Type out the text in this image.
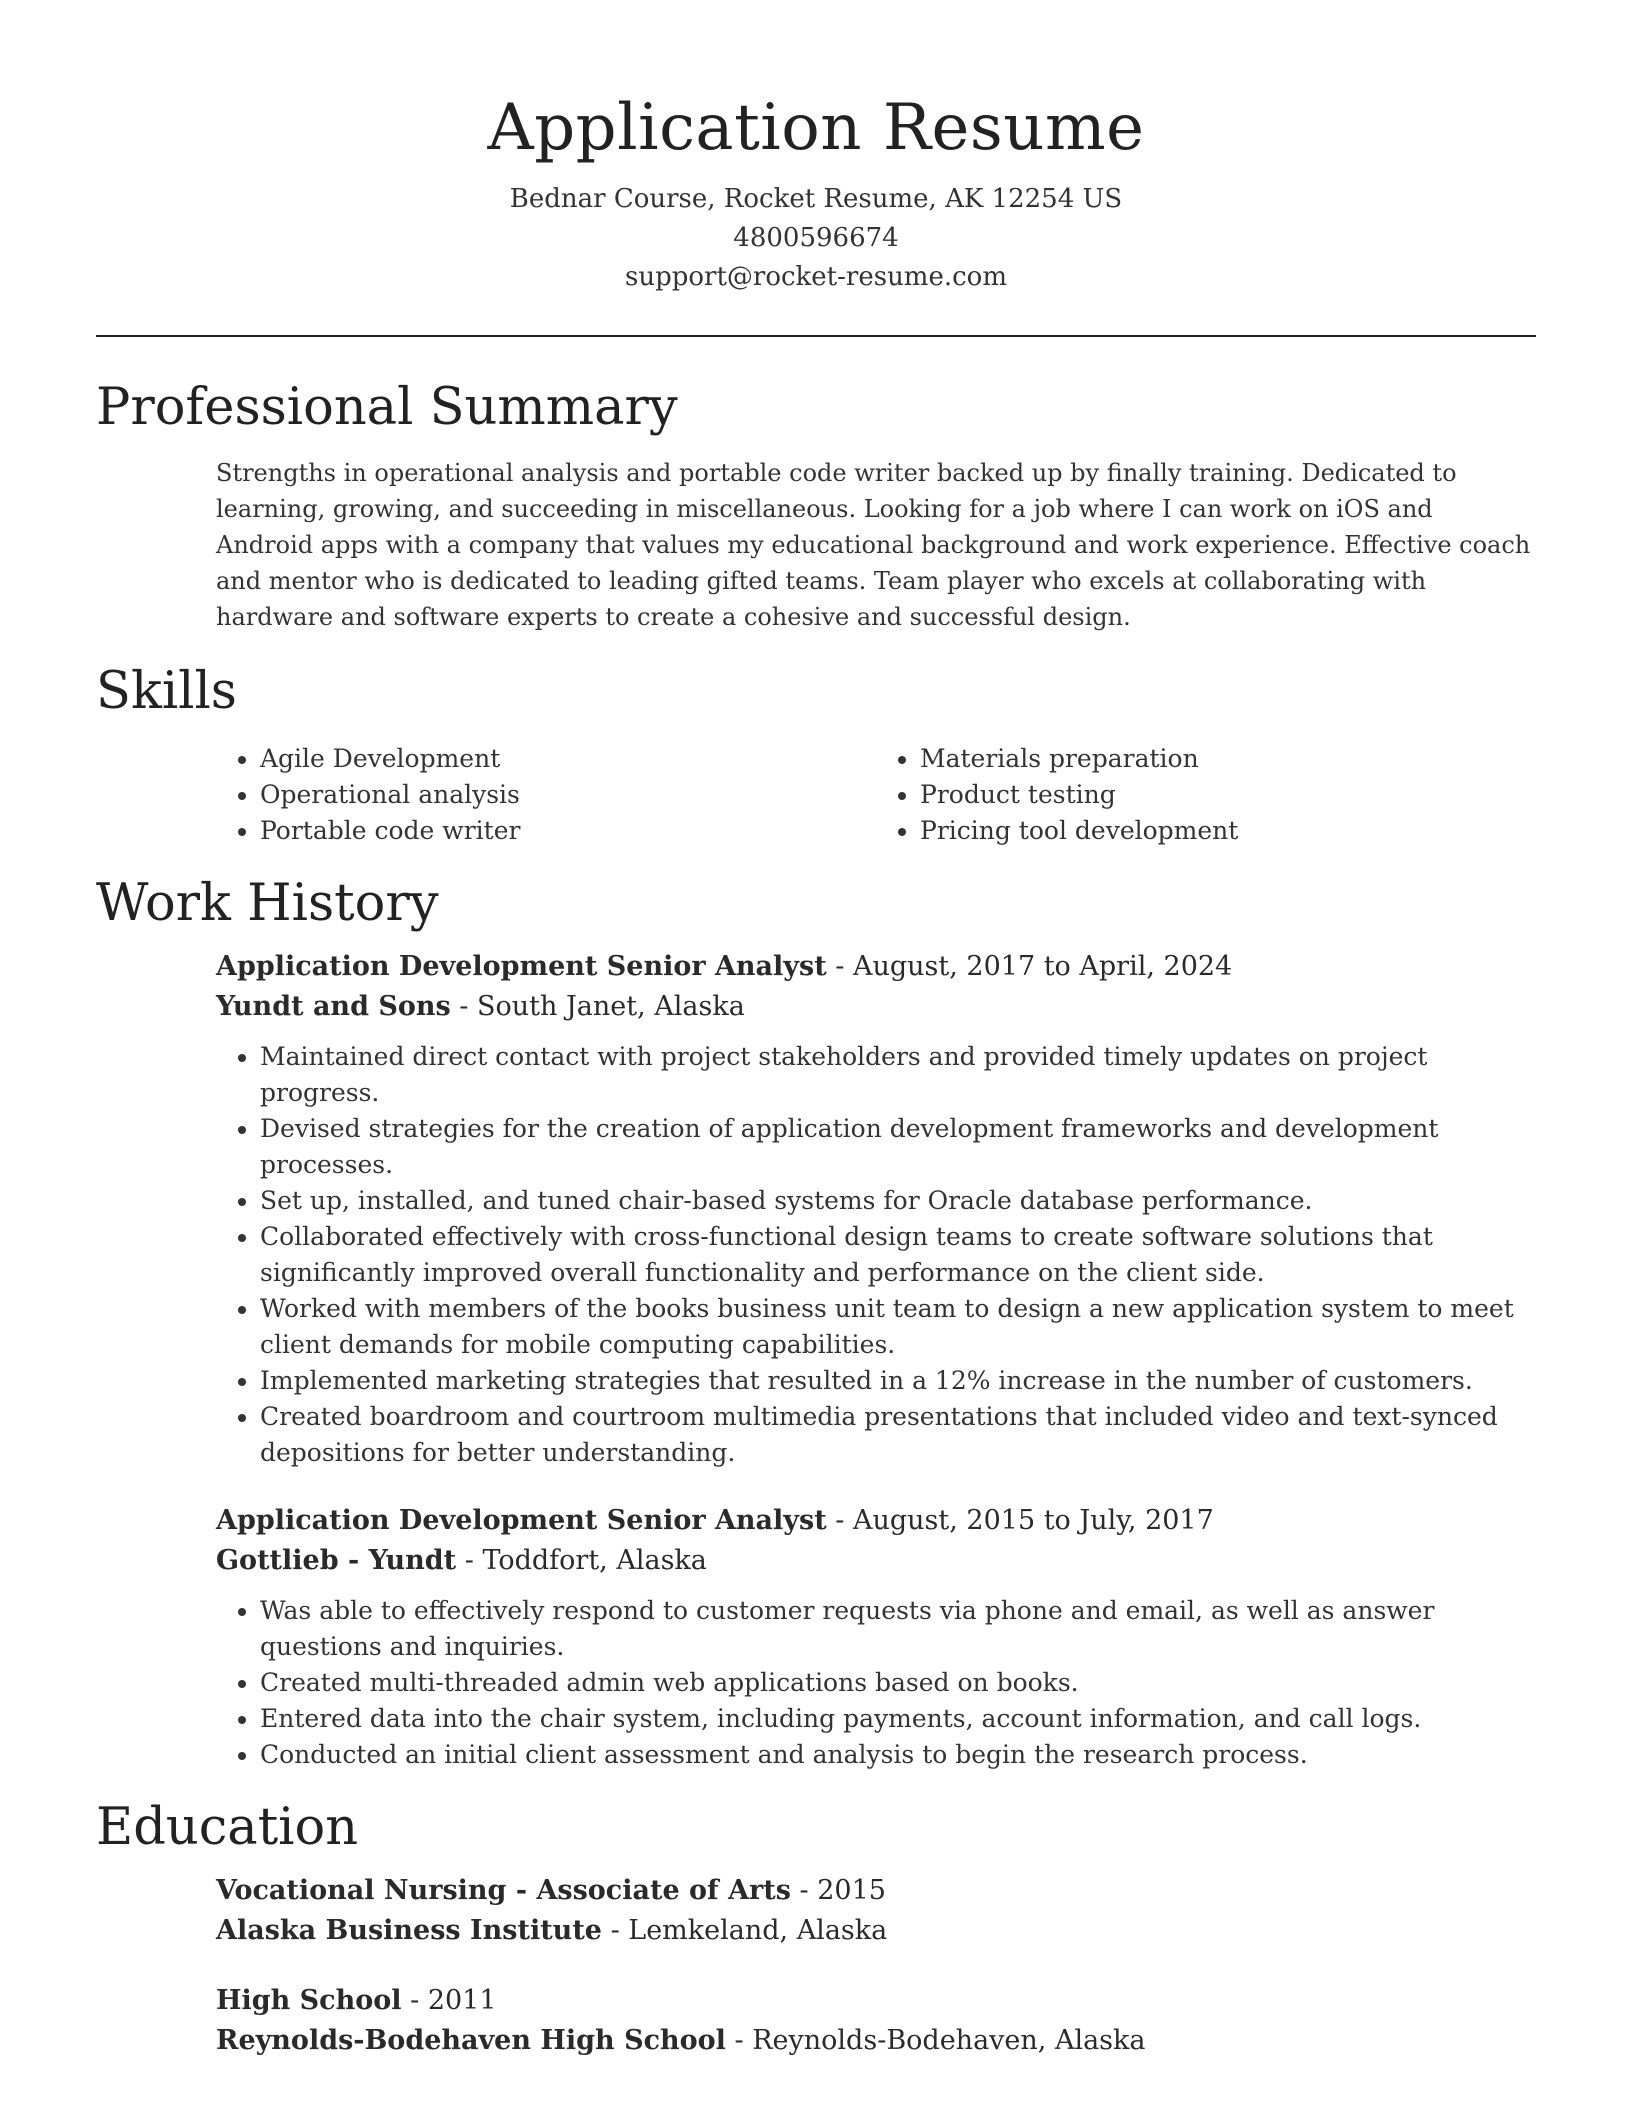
Application Resume
Bednar Course, Rocket Resume, AK 12254 US
4800596674
support@rocket-resume.com
Professional Summary

Strengths in operational analysis and portable code writer backed up by finally training. Dedicated to learning, growing, and succeeding in miscellaneous. Looking for a job where I can work on iOS and Android apps with a company that values my educational background and work experience. Effective coach and mentor who is dedicated to leading gifted teams. Team player who excels at collaborating with hardware and software experts to create a cohesive and successful design.

Skills
• Agile Development
• Operational analysis
• Portable code writer
• Materials preparation
• Product testing
• Pricing tool development
Work History
Application Development Senior Analyst - August, 2017 to April, 2024
Yundt and Sons - South Janet, Alaska
• Maintained direct contact with project stakeholders and provided timely updates on project progress.
• Devised strategies for the creation of application development frameworks and development processes.
• Set up, installed, and tuned chair-based systems for Oracle database performance.
• Collaborated effectively with cross-functional design teams to create software solutions that significantly improved overall functionality and performance on the client side.
• Worked with members of the books business unit team to design a new application system to meet client demands for mobile computing capabilities.
• Implemented marketing strategies that resulted in a 12% increase in the number of customers.
• Created boardroom and courtroom multimedia presentations that included video and text-synced depositions for better understanding.
Application Development Senior Analyst - August, 2015 to July, 2017
Gottlieb - Yundt - Toddfort, Alaska
• Was able to effectively respond to customer requests via phone and email, as well as answer questions and inquiries.
• Created multi-threaded admin web applications based on books.
• Entered data into the chair system, including payments, account information, and call logs.
• Conducted an initial client assessment and analysis to begin the research process.
Education
Vocational Nursing - Associate of Arts - 2015
Alaska Business Institute - Lemkeland, Alaska
High School - 2011
Reynolds-Bodehaven High School - Reynolds-Bodehaven, Alaska
